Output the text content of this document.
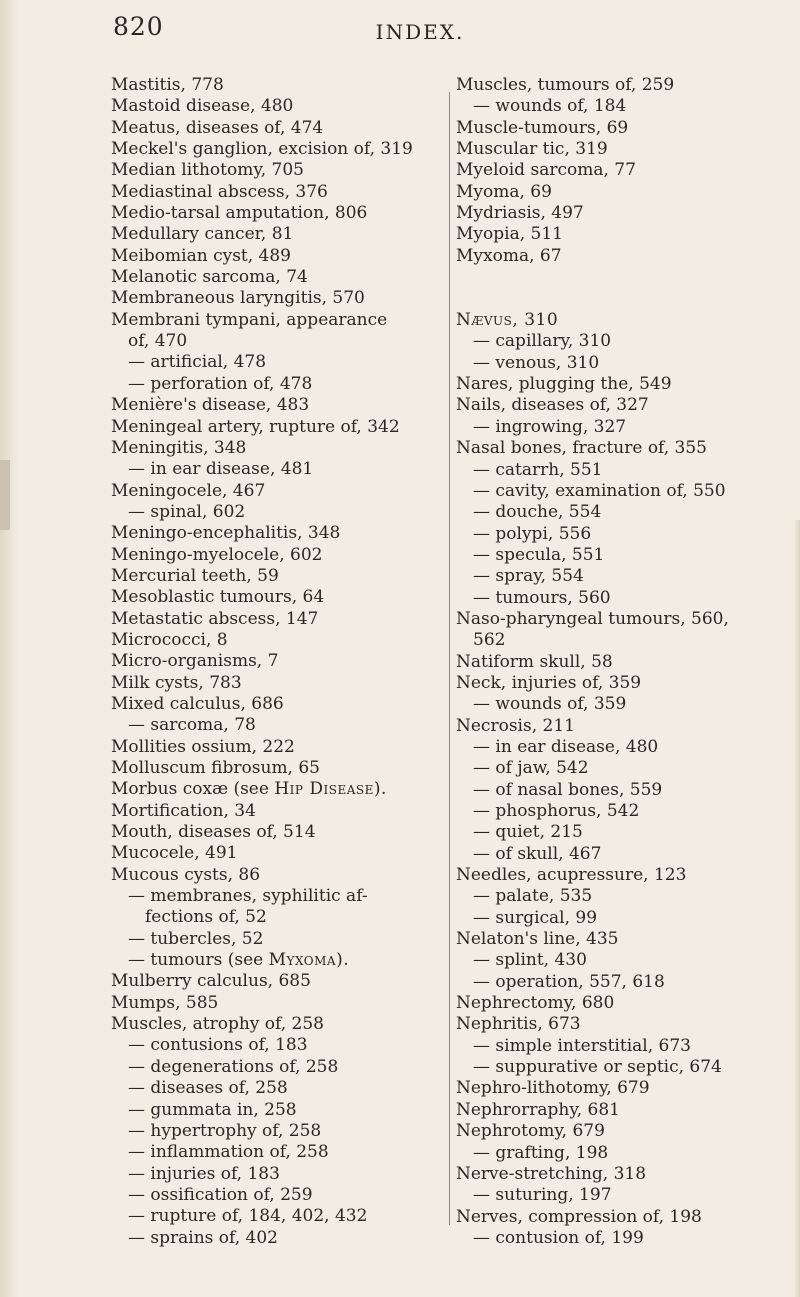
820	INDEX.
Mastitis, 778
Mastoid disease, 480
Meatus, diseases of, 474
Meckel's ganglion, excision of, 319
Median lithotomy, 705
Mediastinal abscess, 376
Medio-tarsal amputation, 806
Medullary cancer, 81
Meibomian cyst, 489
Melanotic sarcoma, 74
Membraneous laryngitis, 570
Membrani tympani, appearance
of, 470
— artificial, 478
— perforation of, 478
Menière's disease, 483
Meningeal artery, rupture of, 342
Meningitis, 348
— in ear disease, 481
Meningocele, 467
— spinal, 602
Meningo-encephalitis, 348
Meningo-myelocele, 602
Mercurial teeth, 59
Mesoblastic tumours, 64
Metastatic abscess, 147
Micrococci, 8
Micro-organisms, 7
Milk cysts, 783
Mixed calculus, 686
— sarcoma, 78
Mollities ossium, 222
Molluscum fibrosum, 65
Morbus coxæ (see Hip Disease).
Mortification, 34
Mouth, diseases of, 514
Mucocele, 491
Mucous cysts, 86
— membranes, syphilitic af-
fections of, 52
— tubercles, 52
— tumours (see Myxoma).
Mulberry calculus, 685
Mumps, 585
Muscles, atrophy of, 258
— contusions of, 183
— degenerations of, 258
— diseases of, 258
— gummata in, 258
— hypertrophy of, 258
— inflammation of, 258
— injuries of, 183
— ossification of, 259
— rupture of, 184, 402, 432
— sprains of, 402
Muscles, tumours of, 259
— wounds of, 184
Muscle-tumours, 69
Muscular tic, 319
Myeloid sarcoma, 77
Myoma, 69
Mydriasis, 497
Myopia, 511
Myxoma, 67
Nævus, 310
— capillary, 310
— venous, 310
Nares, plugging the, 549
Nails, diseases of, 327
— ingrowing, 327
Nasal bones, fracture of, 355
— catarrh, 551
— cavity, examination of, 550
— douche, 554
— polypi, 556
— specula, 551
— spray, 554
— tumours, 560
Naso-pharyngeal tumours, 560,
562
Natiform skull, 58
Neck, injuries of, 359
— wounds of, 359
Necrosis, 211
— in ear disease, 480
— of jaw, 542
— of nasal bones, 559
— phosphorus, 542
— quiet, 215
— of skull, 467
Needles, acupressure, 123
— palate, 535
— surgical, 99
Nelaton's line, 435
— splint, 430
— operation, 557, 618
Nephrectomy, 680
Nephritis, 673
— simple interstitial, 673
— suppurative or septic, 674
Nephro-lithotomy, 679
Nephrorraphy, 681
Nephrotomy, 679
— grafting, 198
Nerve-stretching, 318
— suturing, 197
Nerves, compression of, 198
— contusion of, 199
